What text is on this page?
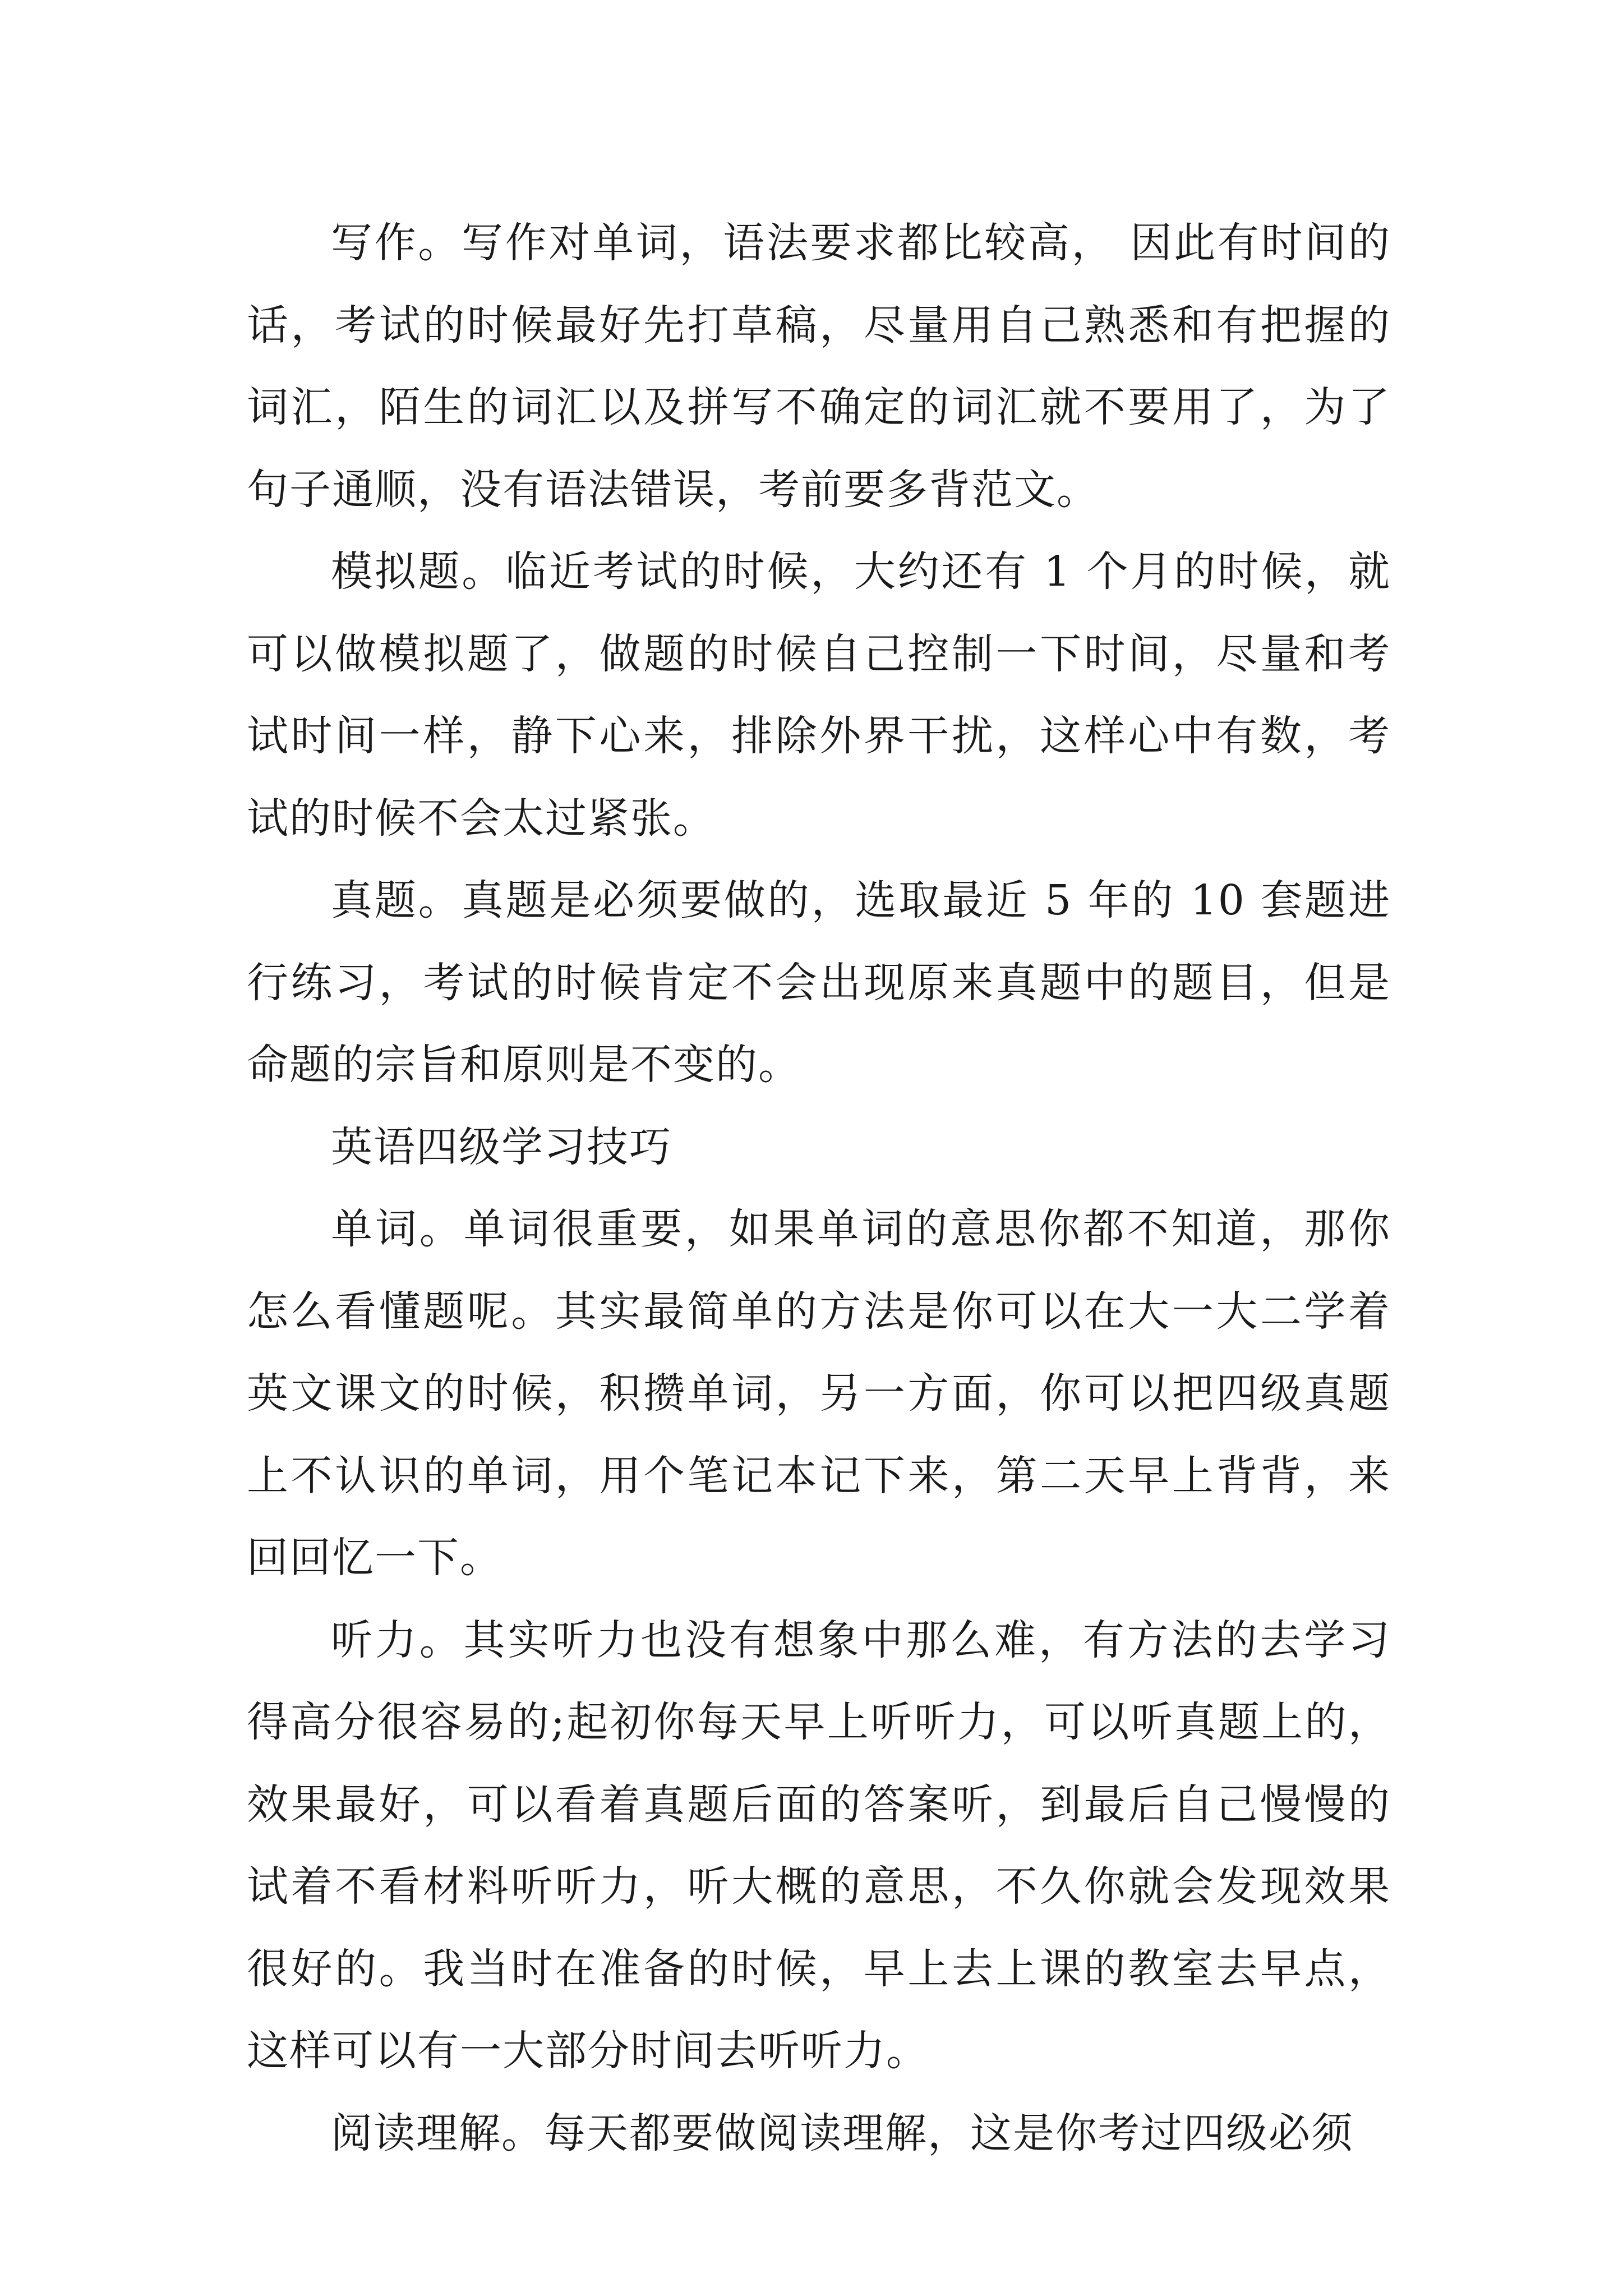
写作。写作对单词，语法要求都比较高， 因此有时间的话，考试的时候最好先打草稿，尽量用自己熟悉和有把握的词汇，陌生的词汇以及拼写不确定的词汇就不要用了，为了句子通顺，没有语法错误，考前要多背范文。

模拟题。临近考试的时候，大约还有 1 个月的时候，就可以做模拟题了，做题的时候自己控制一下时间，尽量和考试时间一样，静下心来，排除外界干扰，这样心中有数，考试的时候不会太过紧张。

真题。真题是必须要做的，选取最近 5 年的 10 套题进行练习，考试的时候肯定不会出现原来真题中的题目，但是命题的宗旨和原则是不变的。

英语四级学习技巧

单词。单词很重要，如果单词的意思你都不知道，那你怎么看懂题呢。其实最简单的方法是你可以在大一大二学着英文课文的时候，积攒单词，另一方面，你可以把四级真题上不认识的单词，用个笔记本记下来，第二天早上背背，来回回忆一下。

听力。其实听力也没有想象中那么难，有方法的去学习得高分很容易的;起初你每天早上听听力，可以听真题上的，效果最好，可以看着真题后面的答案听，到最后自己慢慢的试着不看材料听听力，听大概的意思，不久你就会发现效果很好的。我当时在准备的时候，早上去上课的教室去早点，这样可以有一大部分时间去听听力。

阅读理解。每天都要做阅读理解，这是你考过四级必须
